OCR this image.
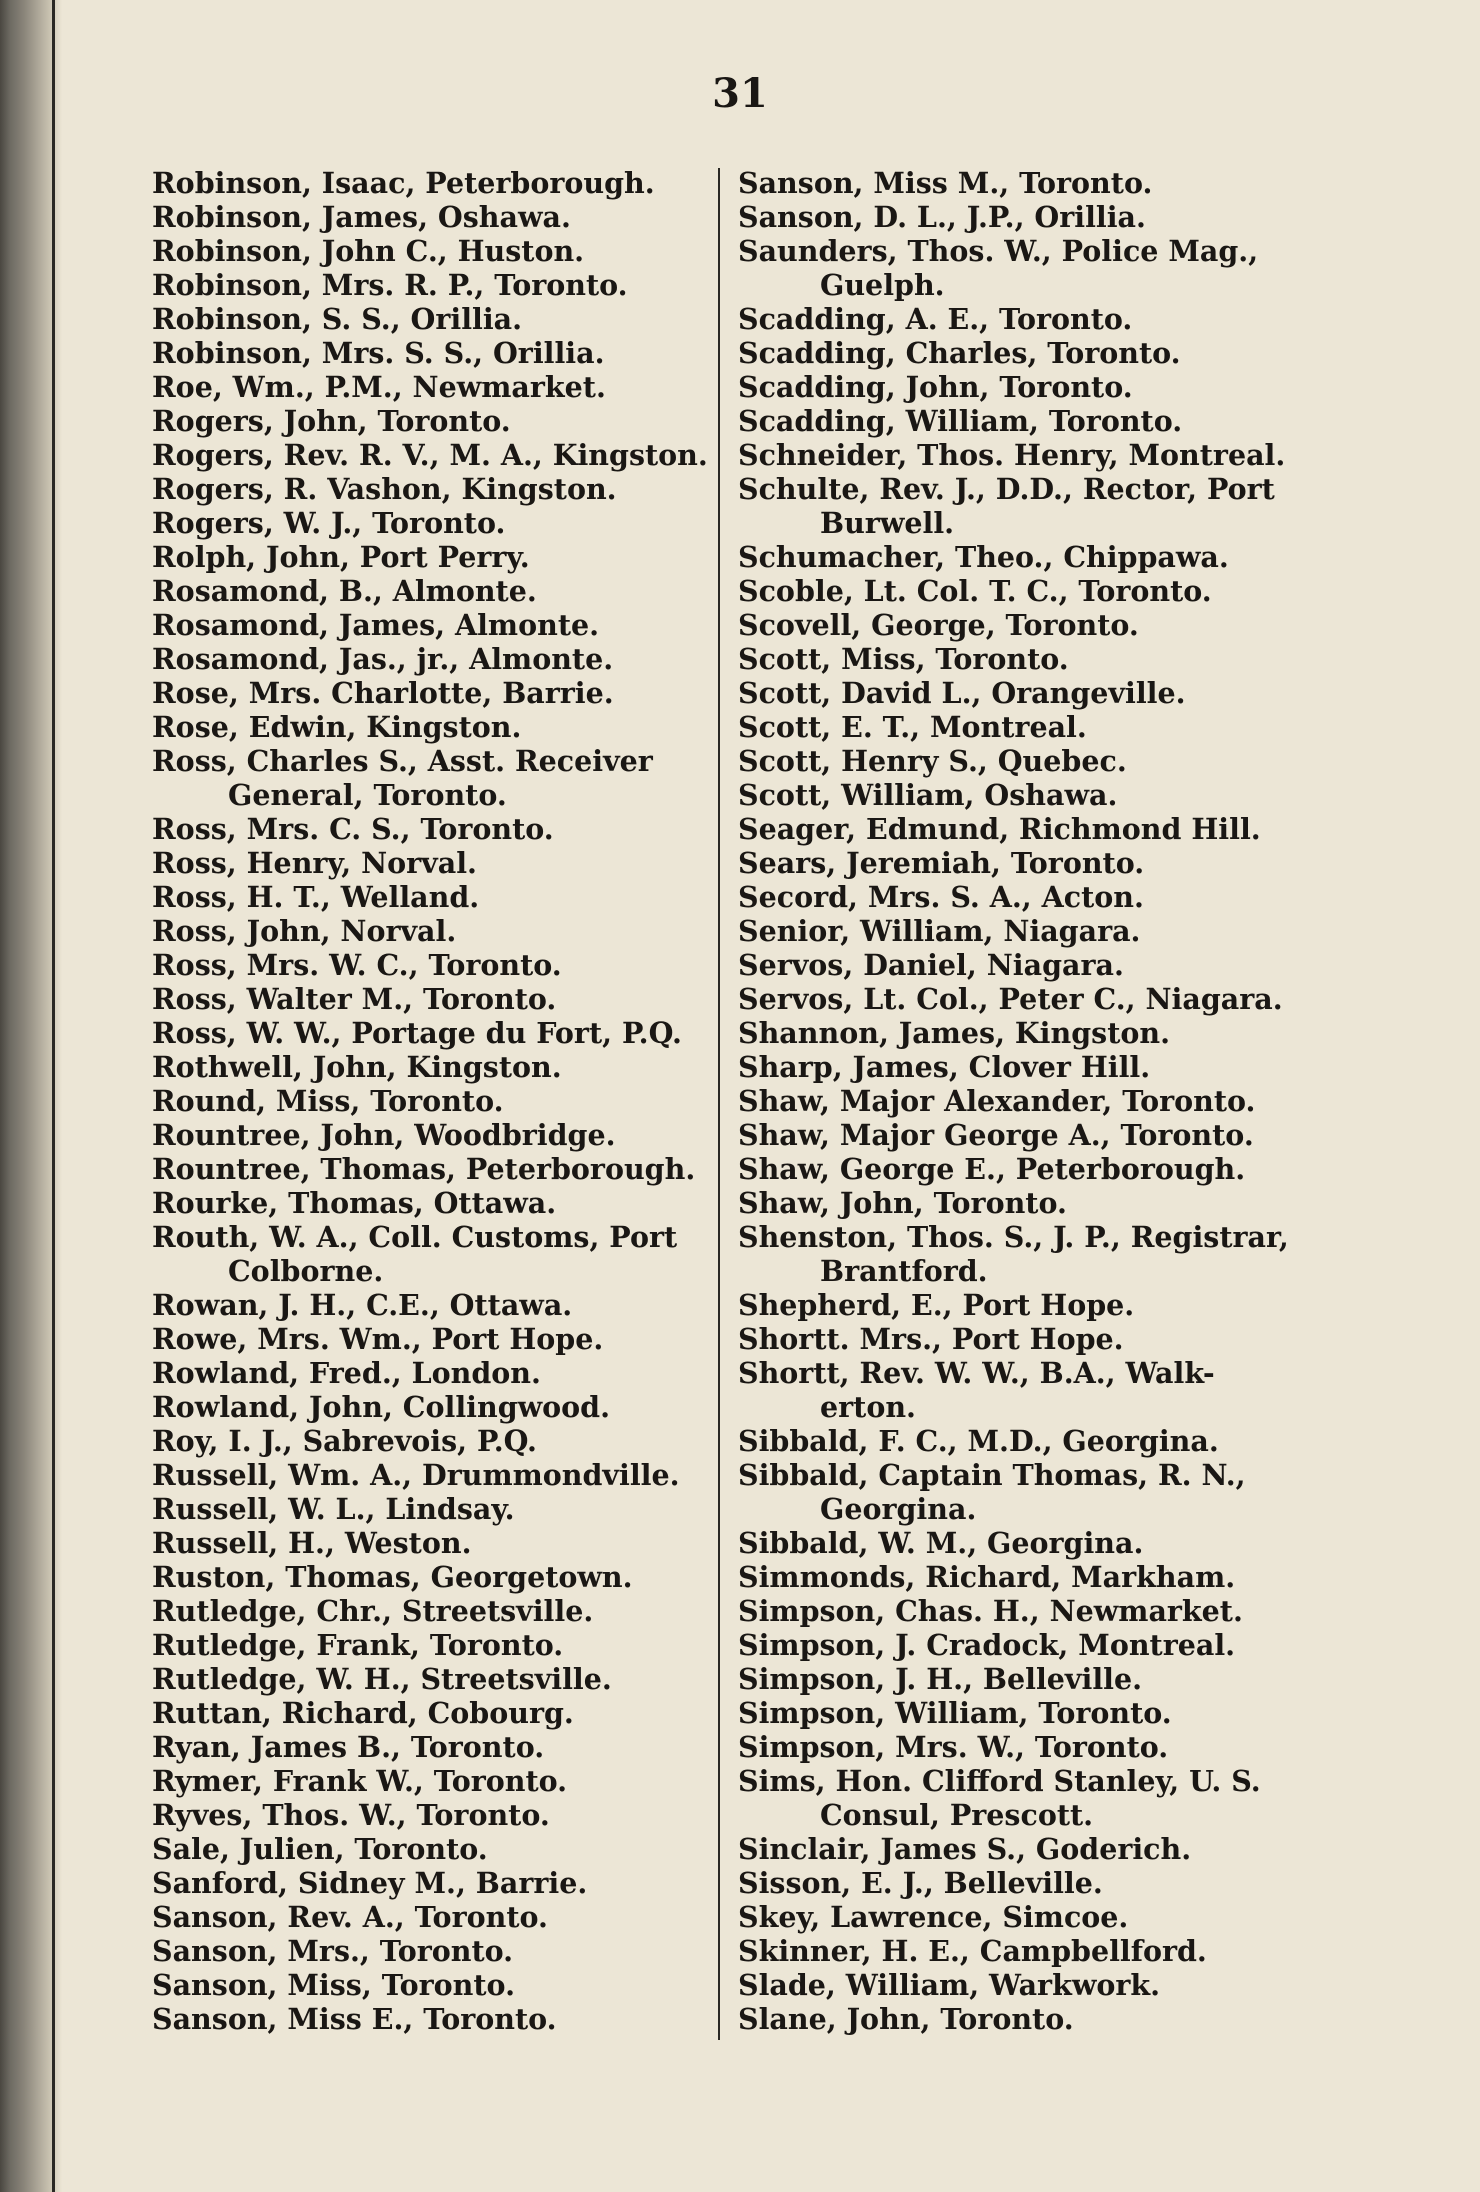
31
Robinson, Isaac, Peterborough.
Robinson, James, Oshawa.
Robinson, John C., Huston.
Robinson, Mrs. R. P., Toronto.
Robinson, S. S., Orillia.
Robinson, Mrs. S. S., Orillia.
Roe, Wm., P.M., Newmarket.
Rogers, John, Toronto.
Rogers, Rev. R. V., M. A., Kingston.
Rogers, R. Vashon, Kingston.
Rogers, W. J., Toronto.
Rolph, John, Port Perry.
Rosamond, B., Almonte.
Rosamond, James, Almonte.
Rosamond, Jas., jr., Almonte.
Rose, Mrs. Charlotte, Barrie.
Rose, Edwin, Kingston.
Ross, Charles S., Asst. Receiver
General, Toronto.
Ross, Mrs. C. S., Toronto.
Ross, Henry, Norval.
Ross, H. T., Welland.
Ross, John, Norval.
Ross, Mrs. W. C., Toronto.
Ross, Walter M., Toronto.
Ross, W. W., Portage du Fort, P.Q.
Rothwell, John, Kingston.
Round, Miss, Toronto.
Rountree, John, Woodbridge.
Rountree, Thomas, Peterborough.
Rourke, Thomas, Ottawa.
Routh, W. A., Coll. Customs, Port
Colborne.
Rowan, J. H., C.E., Ottawa.
Rowe, Mrs. Wm., Port Hope.
Rowland, Fred., London.
Rowland, John, Collingwood.
Roy, I. J., Sabrevois, P.Q.
Russell, Wm. A., Drummondville.
Russell, W. L., Lindsay.
Russell, H., Weston.
Ruston, Thomas, Georgetown.
Rutledge, Chr., Streetsville.
Rutledge, Frank, Toronto.
Rutledge, W. H., Streetsville.
Ruttan, Richard, Cobourg.
Ryan, James B., Toronto.
Rymer, Frank W., Toronto.
Ryves, Thos. W., Toronto.
Sale, Julien, Toronto.
Sanford, Sidney M., Barrie.
Sanson, Rev. A., Toronto.
Sanson, Mrs., Toronto.
Sanson, Miss, Toronto.
Sanson, Miss E., Toronto.
Sanson, Miss M., Toronto.
Sanson, D. L., J.P., Orillia.
Saunders, Thos. W., Police Mag.,
Guelph.
Scadding, A. E., Toronto.
Scadding, Charles, Toronto.
Scadding, John, Toronto.
Scadding, William, Toronto.
Schneider, Thos. Henry, Montreal.
Schulte, Rev. J., D.D., Rector, Port
Burwell.
Schumacher, Theo., Chippawa.
Scoble, Lt. Col. T. C., Toronto.
Scovell, George, Toronto.
Scott, Miss, Toronto.
Scott, David L., Orangeville.
Scott, E. T., Montreal.
Scott, Henry S., Quebec.
Scott, William, Oshawa.
Seager, Edmund, Richmond Hill.
Sears, Jeremiah, Toronto.
Secord, Mrs. S. A., Acton.
Senior, William, Niagara.
Servos, Daniel, Niagara.
Servos, Lt. Col., Peter C., Niagara.
Shannon, James, Kingston.
Sharp, James, Clover Hill.
Shaw, Major Alexander, Toronto.
Shaw, Major George A., Toronto.
Shaw, George E., Peterborough.
Shaw, John, Toronto.
Shenston, Thos. S., J. P., Registrar,
Brantford.
Shepherd, E., Port Hope.
Shortt. Mrs., Port Hope.
Shortt, Rev. W. W., B.A., Walk-
erton.
Sibbald, F. C., M.D., Georgina.
Sibbald, Captain Thomas, R. N.,
Georgina.
Sibbald, W. M., Georgina.
Simmonds, Richard, Markham.
Simpson, Chas. H., Newmarket.
Simpson, J. Cradock, Montreal.
Simpson, J. H., Belleville.
Simpson, William, Toronto.
Simpson, Mrs. W., Toronto.
Sims, Hon. Clifford Stanley, U. S.
Consul, Prescott.
Sinclair, James S., Goderich.
Sisson, E. J., Belleville.
Skey, Lawrence, Simcoe.
Skinner, H. E., Campbellford.
Slade, William, Warkwork.
Slane, John, Toronto.
